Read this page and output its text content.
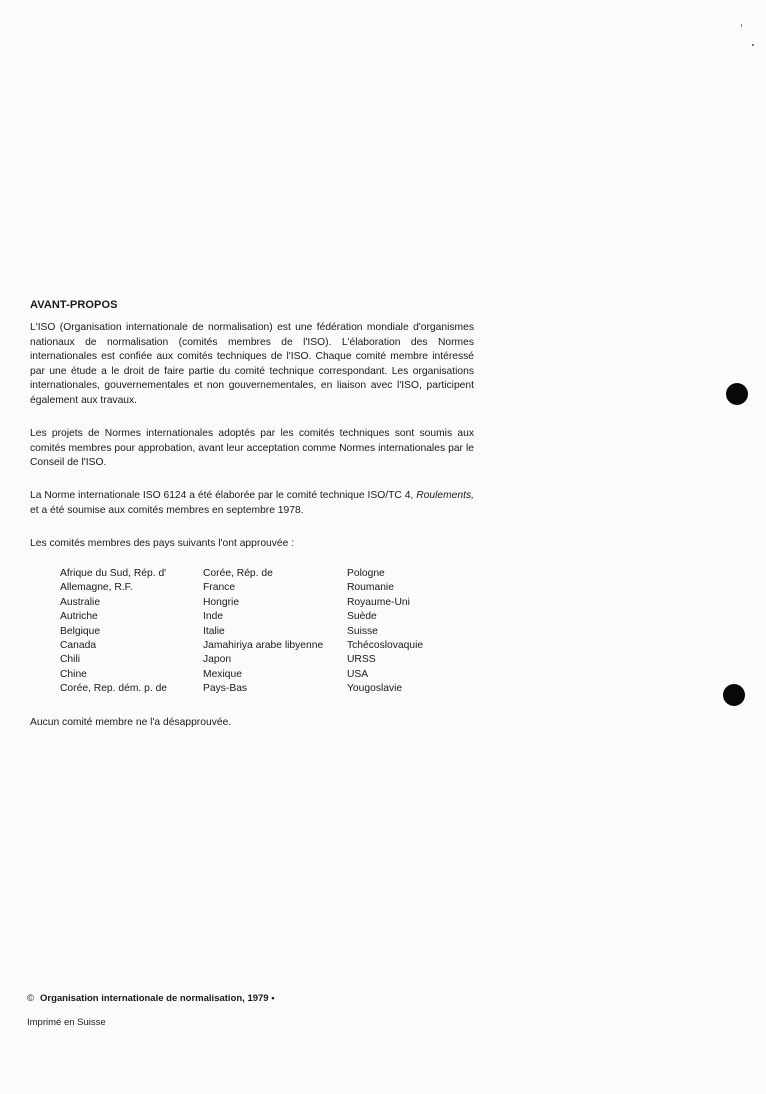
AVANT-PROPOS

L'ISO (Organisation internationale de normalisation) est une fédération mondiale d'organismes nationaux de normalisation (comités membres de l'ISO). L'élaboration des Normes internationales est confiée aux comités techniques de l'ISO. Chaque comité membre intéressé par une étude a le droit de faire partie du comité technique correspondant. Les organisations internationales, gouvernementales et non gouvernementales, en liaison avec l'ISO, participent également aux travaux.

Les projets de Normes internationales adoptés par les comités techniques sont soumis aux comités membres pour approbation, avant leur acceptation comme Normes internationales par le Conseil de l'ISO.

La Norme internationale ISO 6124 a été élaborée par le comité technique ISO/TC 4, Roulements, et a été soumise aux comités membres en septembre 1978.

Les comités membres des pays suivants l'ont approuvée :

Afrique du Sud, Rép. d'
Allemagne, R.F.
Australie
Autriche
Belgique
Canada
Chili
Chine
Corée, Rep. dém. p. de
Corée, Rép. de
France
Hongrie
Inde
Italie
Jamahiriya arabe libyenne
Japon
Mexique
Pays-Bas
Pologne
Roumanie
Royaume-Uni
Suède
Suisse
Tchécoslovaquie
URSS
USA
Yougoslavie
Aucun comité membre ne l'a désapprouvée.
© Organisation internationale de normalisation, 1979 •
Imprimé en Suisse
